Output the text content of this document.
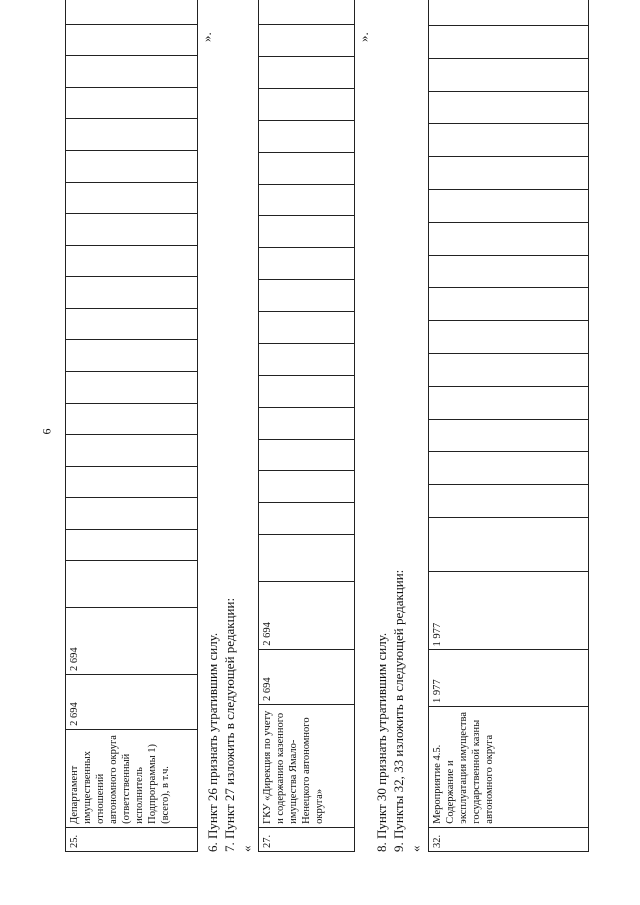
6
25.	Департамент имущественных отношений автономного округа (ответственный исполнитель Подпрограммы 1) (всего), в т.ч.	2 694	2 694																			
».
6. Пункт 26 признать утратившим силу. 7. Пункт 27 изложить в следующей редакции: «
27.	ГКУ «Дирекция по учету и содержанию казенного имущества Ямало-Ненецкого автономного округа»	2 694	2 694																		
».
8. Пункт 30 признать утратившим силу. 9. Пункты 32, 33 изложить в следующей редакции: «
32.	Мероприятие 4.5. Содержание и эксплуатация имущества государственной казны автономного округа	1 977	1 977																	
